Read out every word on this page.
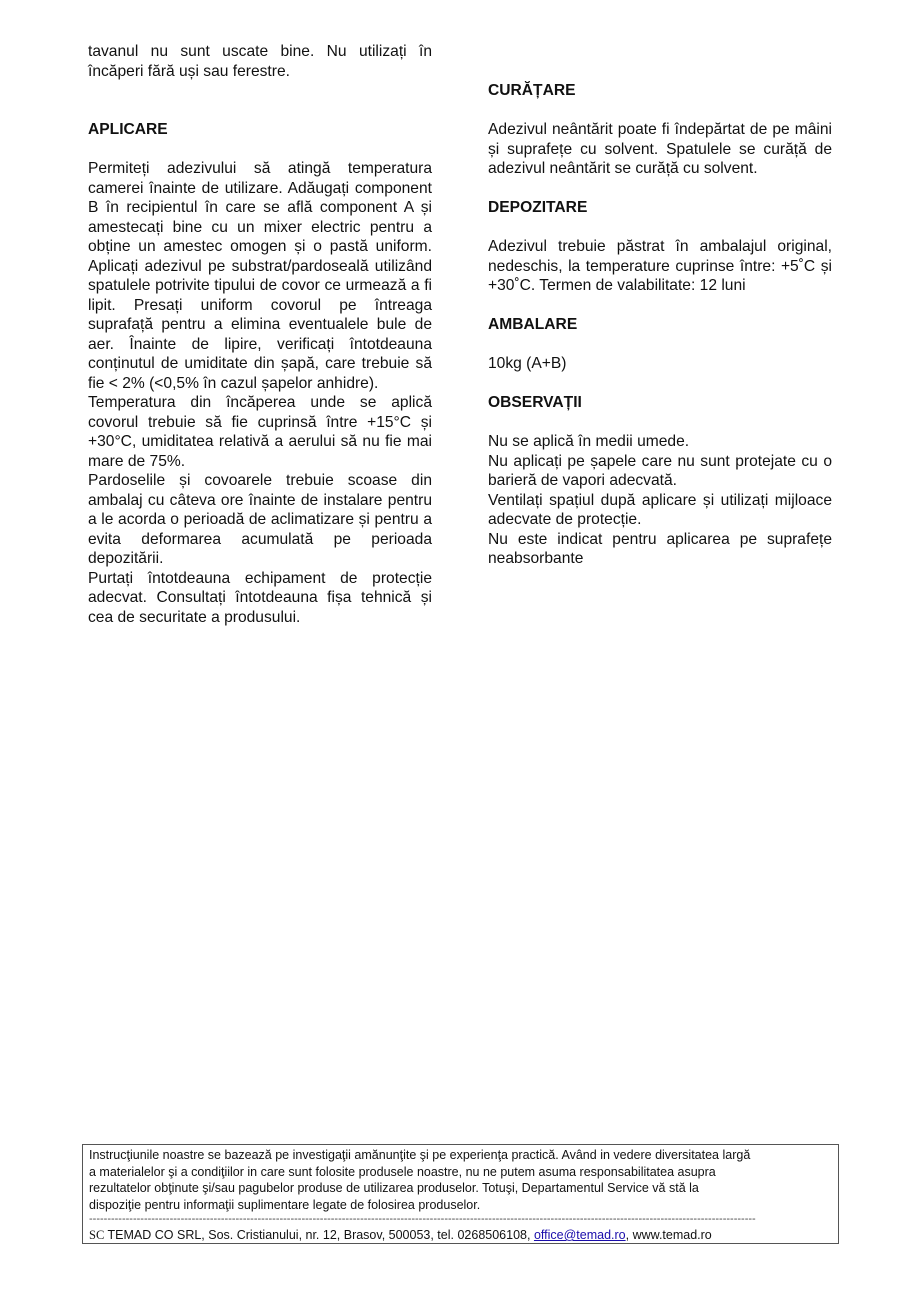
tavanul nu sunt uscate bine. Nu utilizați în
încăperi fără uși sau ferestre.

APLICARE

Permiteți adezivului să atingă temperatura camerei înainte de utilizare. Adăugați component B în recipientul în care se află component A și amestecați bine cu un mixer electric pentru a obține un amestec omogen și o pastă uniform. Aplicați adezivul pe substrat/pardoseală utilizând spatulele potrivite tipului de covor ce urmează a fi lipit. Presați uniform covorul pe întreaga suprafață pentru a elimina eventualele bule de aer. Înainte de lipire, verificați întotdeauna conținutul de umiditate din șapă, care trebuie să fie < 2% (<0,5% în cazul șapelor anhidre).

Temperatura din încăperea unde se aplică covorul trebuie să fie cuprinsă între +15°C și +30°C, umiditatea relativă a aerului să nu fie mai mare de 75%.

Pardoselile și covoarele trebuie scoase din ambalaj cu câteva ore înainte de instalare pentru a le acorda o perioadă de aclimatizare și pentru a evita deformarea acumulată pe perioada depozitării.

Purtați întotdeauna echipament de protecție adecvat. Consultați întotdeauna fișa tehnică și cea de securitate a produsului.

CURĂȚARE

Adezivul neântărit poate fi îndepărtat de pe mâini și suprafețe cu solvent. Spatulele se curăță de adezivul neântărit se curăță cu solvent.

DEPOZITARE

Adezivul trebuie păstrat în ambalajul original, nedeschis, la temperature cuprinse între: +5˚C și +30˚C. Termen de valabilitate: 12 luni

AMBALARE

10kg (A+B)

OBSERVAȚII

Nu se aplică în medii umede.

Nu aplicați pe șapele care nu sunt protejate cu o barieră de vapori adecvată.

Ventilați spațiul după aplicare și utilizați mijloace adecvate de protecție.

Nu este indicat pentru aplicarea pe suprafețe neabsorbante

Instrucţiunile noastre se bazează pe investigaţii amănunţite şi pe experienţa practică. Având in vedere diversitatea largă
a materialelor şi a condiţiilor in care sunt folosite produsele noastre, nu ne putem asuma responsabilitatea asupra
rezultatelor obţinute şi/sau pagubelor produse de utilizarea produselor. Totuşi, Departamentul Service vă stă la
dispoziţie pentru informaţii suplimentare legate de folosirea produselor.
--------------------------------------------------------------------------------------------------------------------------------------------------------------------------------------
SC TEMAD CO SRL, Sos. Cristianului, nr. 12, Brasov, 500053, tel. 0268506108, office@temad.ro, www.temad.ro
